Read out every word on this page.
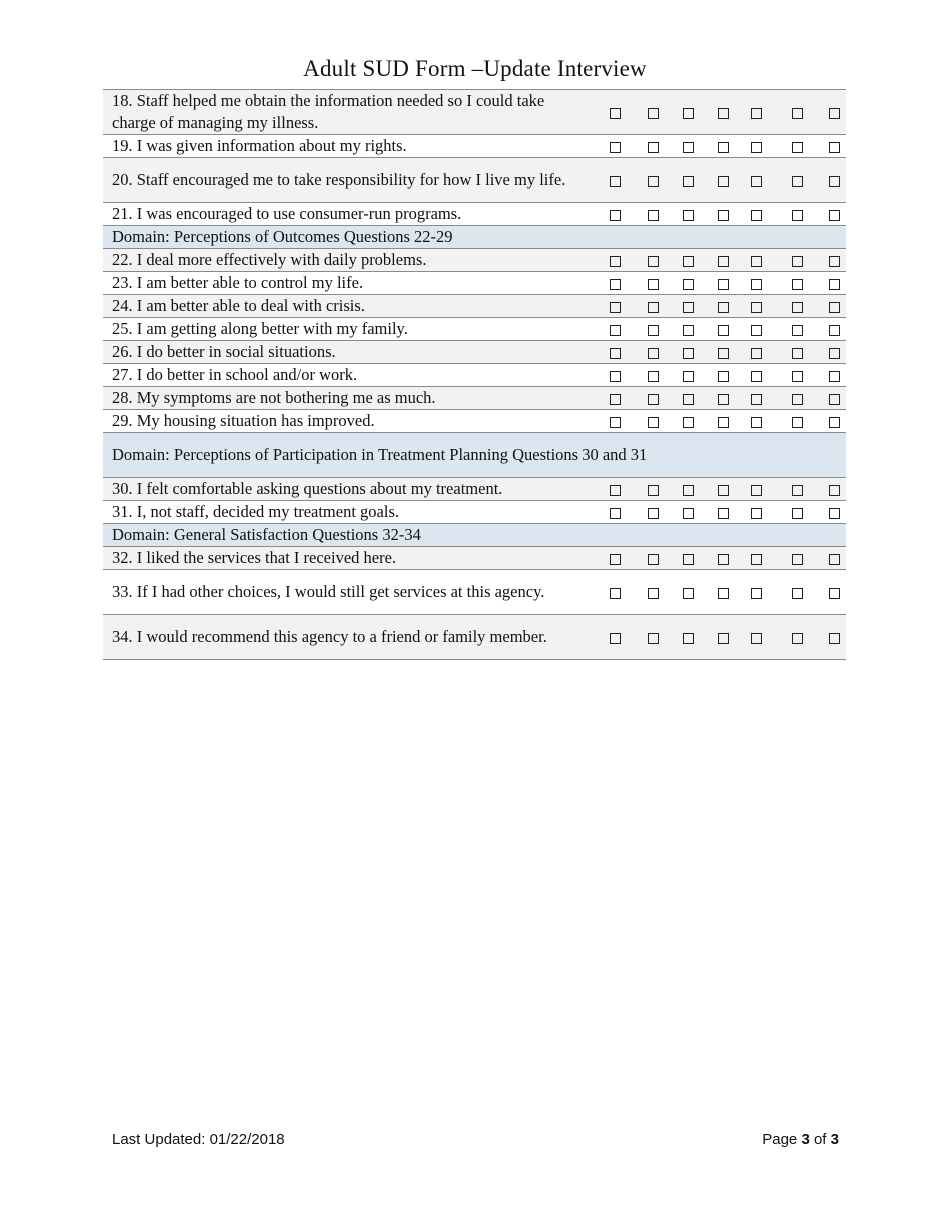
Adult SUD Form –Update Interview
18. Staff helped me obtain the information needed so I could take charge of managing my illness.							
19. I was given information about my rights.							
20. Staff encouraged me to take responsibility for how I live my life.							
21. I was encouraged to use consumer-run programs.							
Domain: Perceptions of Outcomes Questions 22-29							
22. I deal more effectively with daily problems.							
23. I am better able to control my life.							
24. I am better able to deal with crisis.							
25. I am getting along better with my family.							
26. I do better in social situations.							
27. I do better in school and/or work.							
28. My symptoms are not bothering me as much.							
29. My housing situation has improved.							
Domain: Perceptions of Participation in Treatment Planning Questions 30 and 31							
30. I felt comfortable asking questions about my treatment.							
31. I, not staff, decided my treatment goals.							
Domain: General Satisfaction Questions 32-34							
32. I liked the services that I received here.							
33. If I had other choices, I would still get services at this agency.							
34. I would recommend this agency to a friend or family member.							
Last Updated: 01/22/2018	Page 3 of 3
